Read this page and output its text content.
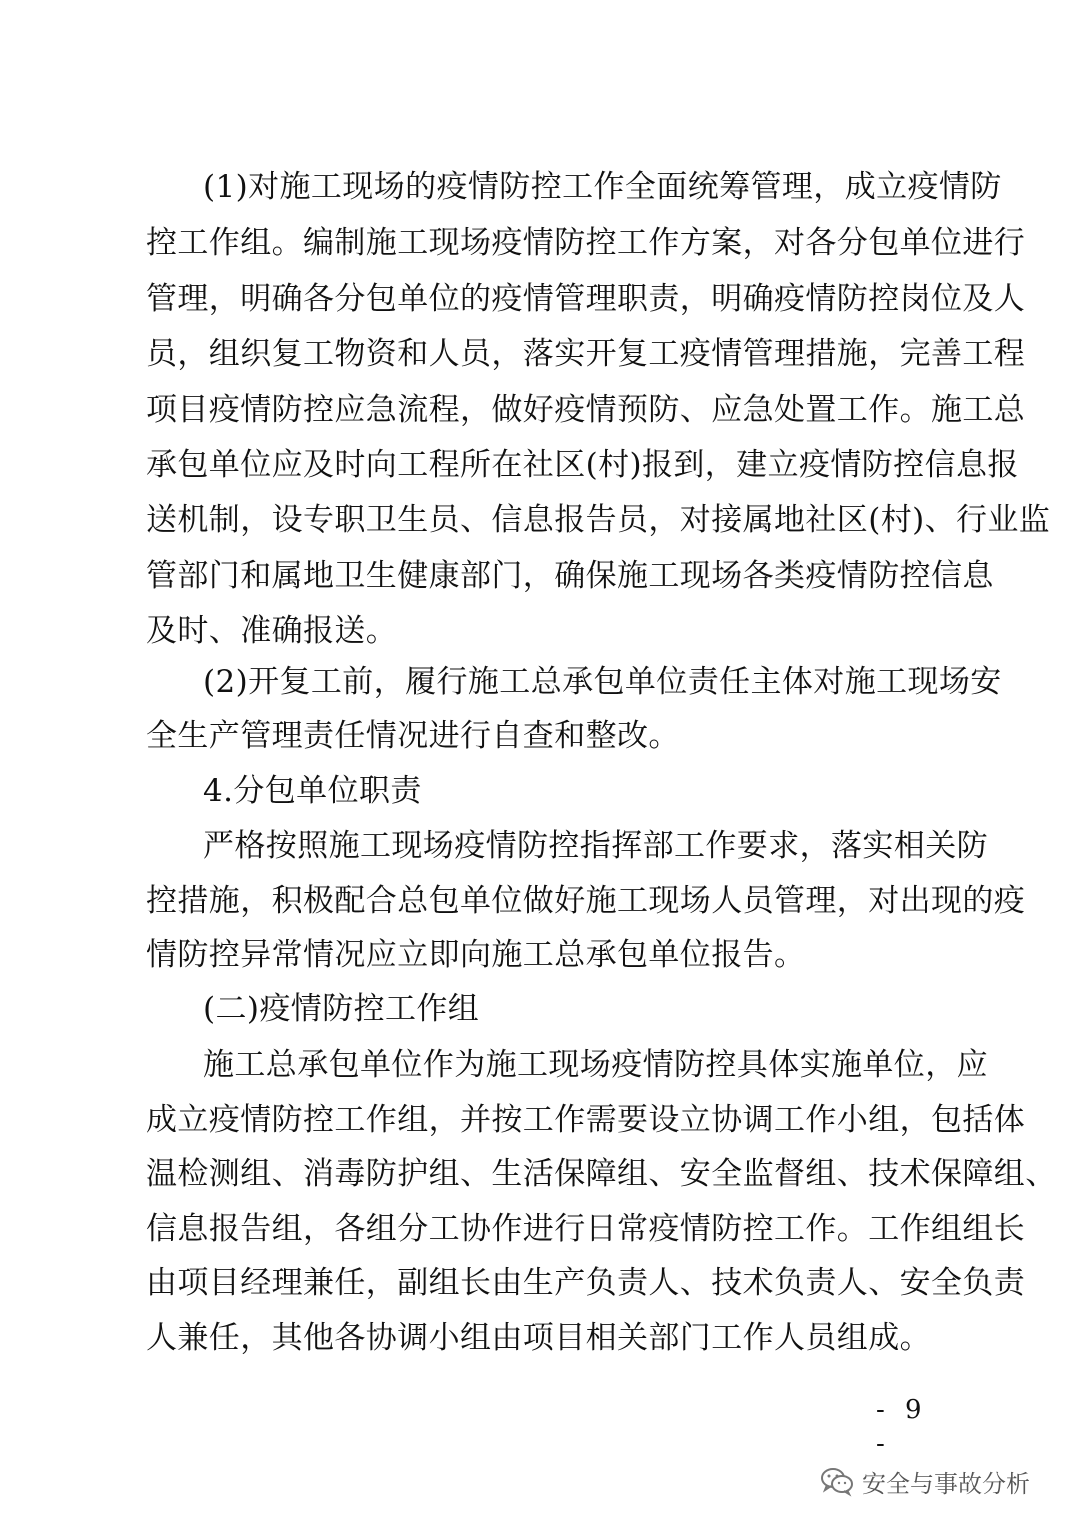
(1)对施工现场的疫情防控工作全面统筹管理，成立疫情防
控工作组。编制施工现场疫情防控工作方案，对各分包单位进行
管理，明确各分包单位的疫情管理职责，明确疫情防控岗位及人
员，组织复工物资和人员，落实开复工疫情管理措施，完善工程
项目疫情防控应急流程，做好疫情预防、应急处置工作。施工总
承包单位应及时向工程所在社区(村)报到，建立疫情防控信息报
送机制，设专职卫生员、信息报告员，对接属地社区(村)、行业监
管部门和属地卫生健康部门，确保施工现场各类疫情防控信息
及时、准确报送。
(2)开复工前，履行施工总承包单位责任主体对施工现场安
全生产管理责任情况进行自查和整改。
4.分包单位职责
严格按照施工现场疫情防控指挥部工作要求，落实相关防
控措施，积极配合总包单位做好施工现场人员管理，对出现的疫
情防控异常情况应立即向施工总承包单位报告。
(二)疫情防控工作组
施工总承包单位作为施工现场疫情防控具体实施单位，应
成立疫情防控工作组，并按工作需要设立协调工作小组，包括体
温检测组、消毒防护组、生活保障组、安全监督组、技术保障组、
信息报告组，各组分工协作进行日常疫情防控工作。工作组组长
由项目经理兼任，副组长由生产负责人、技术负责人、安全负责
人兼任，其他各协调小组由项目相关部门工作人员组成。
- 9 -
安全与事故分析
